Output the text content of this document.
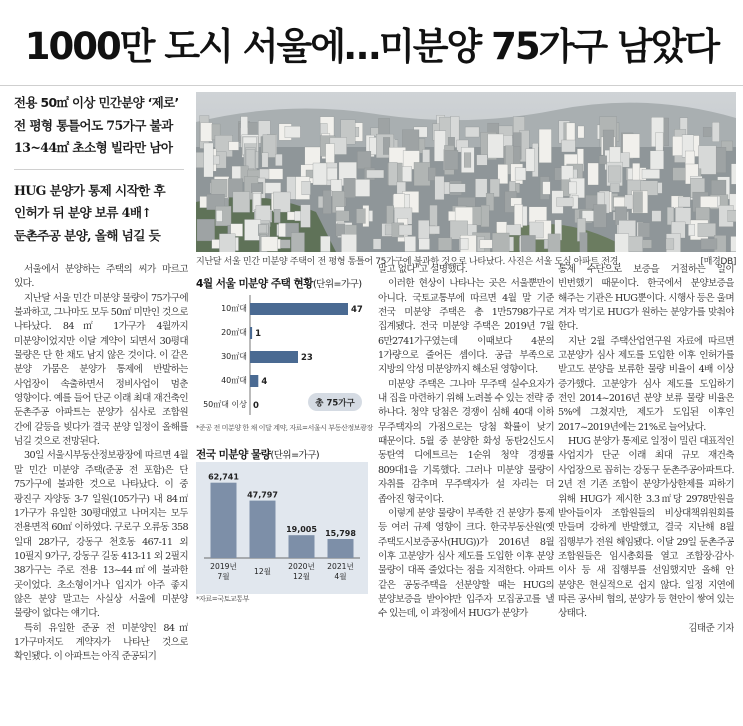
1000만 도시 서울에…미분양 75가구 남았다
전용 50㎡ 이상 민간분양 ‘제로’
전 평형 통틀어도 75가구 불과
13~44㎡ 초소형 빌라만 남아
HUG 분양가 통제 시작한 후
인허가 뒤 분양 보류 4배↑
둔촌주공 분양, 올해 넘길 듯
지난달 서울 민간 미분양 주택이 전 평형 통틀어 75가구에 불과한 것으로 나타났다. 사진은 서울 도심 아파트 전경.	[매경DB]

서울에서 분양하는 주택의 씨가 마르고 있다.

지난달 서울 민간 미분양 물량이 75가구에 불과하고, 그나마도 모두 50㎡ 미만인 것으로 나타났다. 84㎡ 1가구가 4월까지 미분양이었지만 이달 계약이 되면서 30평대 물량은 단 한 채도 남지 않은 것이다. 이 같은 분양 가뭄은 분양가 통제에 반발하는 사업장이 속출하면서 정비사업이 멈춘 영향이다. 예를 들어 단군 이래 최대 재건축인 둔촌주공 아파트는 분양가 심사로 조합원 간에 갈등을 빚다가 결국 분양 일정이 올해를 넘길 것으로 전망된다.

30일 서울시부동산정보광장에 따르면 4월 말 민간 미분양 주택(준공 전 포함)은 단 75가구에 불과한 것으로 나타났다. 이 중 광진구 자양동 3-7 일원(105가구) 내 84㎡ 1가구가 유일한 30평대였고 나머지는 모두 전용면적 60㎡ 이하였다. 구로구 오류동 358 일대 28가구, 강동구 천호동 467-11 외 10필지 9가구, 강동구 길동 413-11 외 2필지 38가구는 주로 전용 13~44㎡에 불과한 곳이었다. 초소형이거나 입지가 아주 좋지 않은 분양 말고는 사실상 서울에 미분양 물량이 없다는 얘기다.

특히 유일한 준공 전 미분양인 84㎡ 1가구마저도 계약자가 나타난 것으로 확인됐다. 이 아파트는 아직 준공되기

4월 서울 미분양 주택 현황(단위=가구)
10㎡대	47
20㎡대 1
30㎡대	23
40㎡대 4
50㎡대 이상 0	총 75가구
*준공 전 미분양 한 채 이달 계약, 자료=서울시 부동산정보광장
전국 미분양 물량(단위=가구)
62,741
2019년
7월
47,797
12월
19,005
2020년
12월
15,798
2021년
4월
*자료=국토교통부

말고 없다"고 설명했다.

이러한 현상이 나타나는 곳은 서울뿐만이 아니다. 국토교통부에 따르면 4월 말 기준 전국 미분양 주택은 총 1만5798가구로 집계됐다. 전국 미분양 주택은 2019년 7월 6만2741가구였는데 이때보다 4분의 1가량으로 줄어든 셈이다. 공급 부족으로 지방의 악성 미분양까지 해소된 영향이다.

미분양 주택은 그나마 무주택 실수요자가 내 집을 마련하기 위해 노려볼 수 있는 전략 중 하나다. 청약 당첨은 경쟁이 심해 40대 이하 무주택자의 가점으로는 당첨 확률이 낮기 때문이다. 5월 중 분양한 화성 동탄2신도시 동탄역 디에트르는 1순위 청약 경쟁률 809대1을 기록했다. 그러나 미분양 물량이 자취를 감추며 무주택자가 설 자리는 더 좁아진 형국이다.

이렇게 분양 물량이 부족한 건 분양가 통제 등 여러 규제 영향이 크다. 한국부동산원(옛 주택도시보증공사(HUG))가 2016년 8월 이후 고분양가 심사 제도를 도입한 이후 분양 물량이 대폭 줄었다는 점을 지적한다. 아파트 같은 공동주택을 선분양할 때는 HUG의 분양보증을 받아야만 입주자 모집공고를 낼 수 있는데, 이 과정에서 HUG가 분양가

통제 수단으로 보증을 거절하는 일이 빈번했기 때문이다. 한국에서 분양보증을 해주는 기관은 HUG뿐이다. 시행사 등은 울며 겨자 먹기로 HUG가 원하는 분양가를 맞춰야 한다.

지난 2월 주택산업연구원 자료에 따르면 고분양가 심사 제도를 도입한 이후 인허가를 받고도 분양을 보류한 물량 비율이 4배 이상 증가했다. 고분양가 심사 제도를 도입하기 전인 2014~2016년 분양 보류 물량 비율은 5%에 그쳤지만, 제도가 도입된 이후인 2017~2019년에는 21%로 늘어났다.

HUG 분양가 통제로 일정이 밀린 대표적인 사업지가 단군 이래 최대 규모 재건축 사업장으로 꼽히는 강동구 둔촌주공아파트다. 2년 전 기존 조합이 분양가상한제를 피하기 위해 HUG가 제시한 3.3㎡당 2978만원을 받아들이자 조합원들의 비상대책위원회를 만들며 강하게 반발했고, 결국 지난해 8월 집행부가 전원 해임됐다. 이달 29일 둔촌주공 조합원들은 임시총회를 열고 조합장·감사·이사 등 새 집행부를 선임했지만 올해 안 분양은 현실적으로 쉽지 않다. 일정 지연에 따른 공사비 협의, 분양가 등 현안이 쌓여 있는 상태다.

김태준 기자
